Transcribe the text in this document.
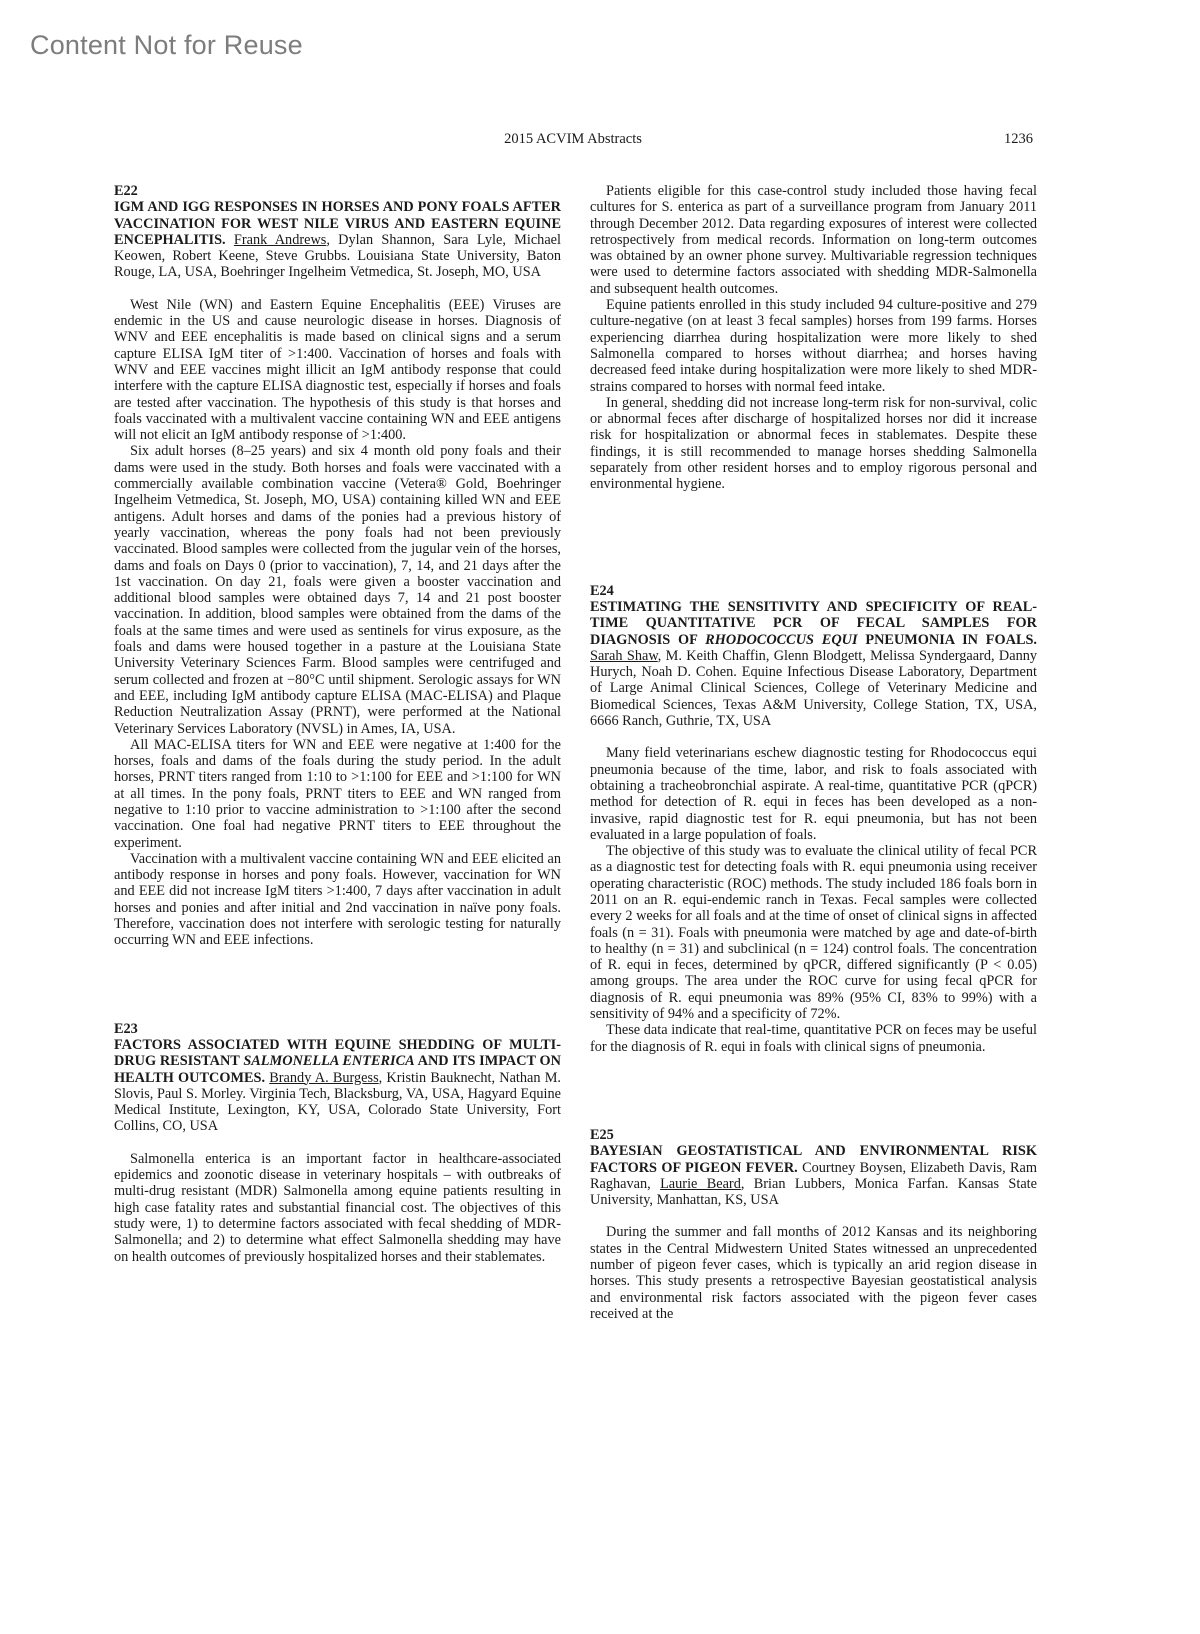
Content Not for Reuse
2015 ACVIM Abstracts	1236
E22
IGM AND IGG RESPONSES IN HORSES AND PONY FOALS AFTER VACCINATION FOR WEST NILE VIRUS AND EASTERN EQUINE ENCEPHALITIS. Frank Andrews, Dylan Shannon, Sara Lyle, Michael Keowen, Robert Keene, Steve Grubbs. Louisiana State University, Baton Rouge, LA, USA, Boehringer Ingelheim Vetmedica, St. Joseph, MO, USA

West Nile (WN) and Eastern Equine Encephalitis (EEE) Viruses are endemic in the US and cause neurologic disease in horses. Diagnosis of WNV and EEE encephalitis is made based on clinical signs and a serum capture ELISA IgM titer of >1:400. Vaccination of horses and foals with WNV and EEE vaccines might illicit an IgM antibody response that could interfere with the capture ELISA diagnostic test, especially if horses and foals are tested after vaccination. The hypothesis of this study is that horses and foals vaccinated with a multivalent vaccine containing WN and EEE antigens will not elicit an IgM antibody response of >1:400.

Six adult horses (8–25 years) and six 4 month old pony foals and their dams were used in the study. Both horses and foals were vaccinated with a commercially available combination vaccine (Vetera® Gold, Boehringer Ingelheim Vetmedica, St. Joseph, MO, USA) containing killed WN and EEE antigens. Adult horses and dams of the ponies had a previous history of yearly vaccination, whereas the pony foals had not been previously vaccinated. Blood samples were collected from the jugular vein of the horses, dams and foals on Days 0 (prior to vaccination), 7, 14, and 21 days after the 1st vaccination. On day 21, foals were given a booster vaccination and additional blood samples were obtained days 7, 14 and 21 post booster vaccination. In addition, blood samples were obtained from the dams of the foals at the same times and were used as sentinels for virus exposure, as the foals and dams were housed together in a pasture at the Louisiana State University Veterinary Sciences Farm. Blood samples were centrifuged and serum collected and frozen at −80°C until shipment. Serologic assays for WN and EEE, including IgM antibody capture ELISA (MAC-ELISA) and Plaque Reduction Neutralization Assay (PRNT), were performed at the National Veterinary Services Laboratory (NVSL) in Ames, IA, USA.

All MAC-ELISA titers for WN and EEE were negative at 1:400 for the horses, foals and dams of the foals during the study period. In the adult horses, PRNT titers ranged from 1:10 to >1:100 for EEE and >1:100 for WN at all times. In the pony foals, PRNT titers to EEE and WN ranged from negative to 1:10 prior to vaccine administration to >1:100 after the second vaccination. One foal had negative PRNT titers to EEE throughout the experiment.

Vaccination with a multivalent vaccine containing WN and EEE elicited an antibody response in horses and pony foals. However, vaccination for WN and EEE did not increase IgM titers >1:400, 7 days after vaccination in adult horses and ponies and after initial and 2nd vaccination in naïve pony foals. Therefore, vaccination does not interfere with serologic testing for naturally occurring WN and EEE infections.

E23
FACTORS ASSOCIATED WITH EQUINE SHEDDING OF MULTI-DRUG RESISTANT SALMONELLA ENTERICA AND ITS IMPACT ON HEALTH OUTCOMES. Brandy A. Burgess, Kristin Bauknecht, Nathan M. Slovis, Paul S. Morley. Virginia Tech, Blacksburg, VA, USA, Hagyard Equine Medical Institute, Lexington, KY, USA, Colorado State University, Fort Collins, CO, USA

Salmonella enterica is an important factor in healthcare-associated epidemics and zoonotic disease in veterinary hospitals – with outbreaks of multi-drug resistant (MDR) Salmonella among equine patients resulting in high case fatality rates and substantial financial cost. The objectives of this study were, 1) to determine factors associated with fecal shedding of MDR-Salmonella; and 2) to determine what effect Salmonella shedding may have on health outcomes of previously hospitalized horses and their stablemates.

Patients eligible for this case-control study included those having fecal cultures for S. enterica as part of a surveillance program from January 2011 through December 2012. Data regarding exposures of interest were collected retrospectively from medical records. Information on long-term outcomes was obtained by an owner phone survey. Multivariable regression techniques were used to determine factors associated with shedding MDR-Salmonella and subsequent health outcomes.

Equine patients enrolled in this study included 94 culture-positive and 279 culture-negative (on at least 3 fecal samples) horses from 199 farms. Horses experiencing diarrhea during hospitalization were more likely to shed Salmonella compared to horses without diarrhea; and horses having decreased feed intake during hospitalization were more likely to shed MDR-strains compared to horses with normal feed intake.

In general, shedding did not increase long-term risk for non-survival, colic or abnormal feces after discharge of hospitalized horses nor did it increase risk for hospitalization or abnormal feces in stablemates. Despite these findings, it is still recommended to manage horses shedding Salmonella separately from other resident horses and to employ rigorous personal and environmental hygiene.

E24
ESTIMATING THE SENSITIVITY AND SPECIFICITY OF REAL-TIME QUANTITATIVE PCR OF FECAL SAMPLES FOR DIAGNOSIS OF RHODOCOCCUS EQUI PNEUMONIA IN FOALS. Sarah Shaw, M. Keith Chaffin, Glenn Blodgett, Melissa Syndergaard, Danny Hurych, Noah D. Cohen. Equine Infectious Disease Laboratory, Department of Large Animal Clinical Sciences, College of Veterinary Medicine and Biomedical Sciences, Texas A&M University, College Station, TX, USA, 6666 Ranch, Guthrie, TX, USA

Many field veterinarians eschew diagnostic testing for Rhodococcus equi pneumonia because of the time, labor, and risk to foals associated with obtaining a tracheobronchial aspirate. A real-time, quantitative PCR (qPCR) method for detection of R. equi in feces has been developed as a non-invasive, rapid diagnostic test for R. equi pneumonia, but has not been evaluated in a large population of foals.

The objective of this study was to evaluate the clinical utility of fecal PCR as a diagnostic test for detecting foals with R. equi pneumonia using receiver operating characteristic (ROC) methods. The study included 186 foals born in 2011 on an R. equi-endemic ranch in Texas. Fecal samples were collected every 2 weeks for all foals and at the time of onset of clinical signs in affected foals (n = 31). Foals with pneumonia were matched by age and date-of-birth to healthy (n = 31) and subclinical (n = 124) control foals. The concentration of R. equi in feces, determined by qPCR, differed significantly (P < 0.05) among groups. The area under the ROC curve for using fecal qPCR for diagnosis of R. equi pneumonia was 89% (95% CI, 83% to 99%) with a sensitivity of 94% and a specificity of 72%.

These data indicate that real-time, quantitative PCR on feces may be useful for the diagnosis of R. equi in foals with clinical signs of pneumonia.

E25
BAYESIAN GEOSTATISTICAL AND ENVIRONMENTAL RISK FACTORS OF PIGEON FEVER. Courtney Boysen, Elizabeth Davis, Ram Raghavan, Laurie Beard, Brian Lubbers, Monica Farfan. Kansas State University, Manhattan, KS, USA

During the summer and fall months of 2012 Kansas and its neighboring states in the Central Midwestern United States witnessed an unprecedented number of pigeon fever cases, which is typically an arid region disease in horses. This study presents a retrospective Bayesian geostatistical analysis and environmental risk factors associated with the pigeon fever cases received at the
